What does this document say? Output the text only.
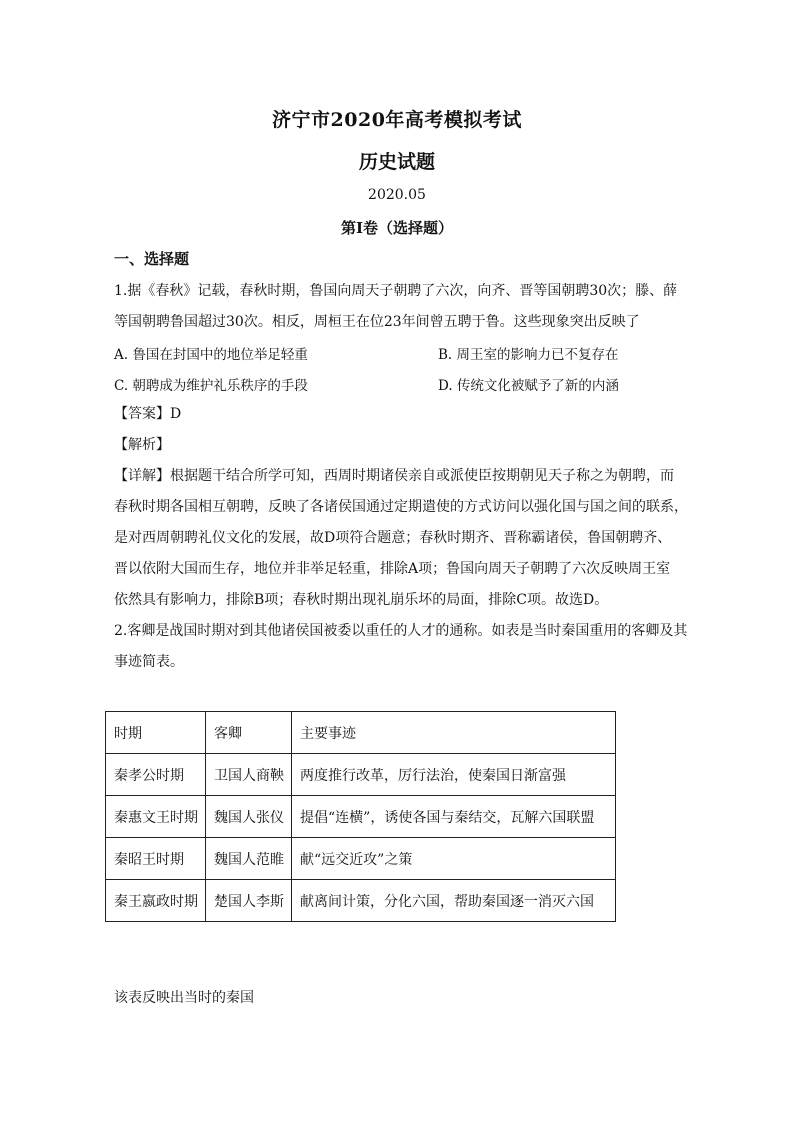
济宁市2020年高考模拟考试
历史试题
2020.05
第I卷（选择题）
一、选择题
1.据《春秋》记载，春秋时期，鲁国向周天子朝聘了六次，向齐、晋等国朝聘30次；滕、薛
等国朝聘鲁国超过30次。相反，周桓王在位23年间曾五聘于鲁。这些现象突出反映了
A. 鲁国在封国中的地位举足轻重	B. 周王室的影响力已不复存在
C. 朝聘成为维护礼乐秩序的手段	D. 传统文化被赋予了新的内涵
【答案】D
【解析】
【详解】根据题干结合所学可知，西周时期诸侯亲自或派使臣按期朝见天子称之为朝聘，而
春秋时期各国相互朝聘，反映了各诸侯国通过定期遣使的方式访问以强化国与国之间的联系，
是对西周朝聘礼仪文化的发展，故D项符合题意；春秋时期齐、晋称霸诸侯，鲁国朝聘齐、
晋以依附大国而生存，地位并非举足轻重，排除A项；鲁国向周天子朝聘了六次反映周王室
依然具有影响力，排除B项；春秋时期出现礼崩乐坏的局面，排除C项。故选D。
2.客卿是战国时期对到其他诸侯国被委以重任的人才的通称。如表是当时秦国重用的客卿及其
事迹简表。
时期	客卿	主要事迹
秦孝公时期	卫国人商鞅	两度推行改革，厉行法治，使秦国日渐富强
秦惠文王时期	魏国人张仪	提倡“连横”，诱使各国与秦结交，瓦解六国联盟
秦昭王时期	魏国人范睢	献“远交近攻”之策
秦王嬴政时期	楚国人李斯	献离间计策，分化六国，帮助秦国逐一消灭六国
该表反映出当时的秦国
